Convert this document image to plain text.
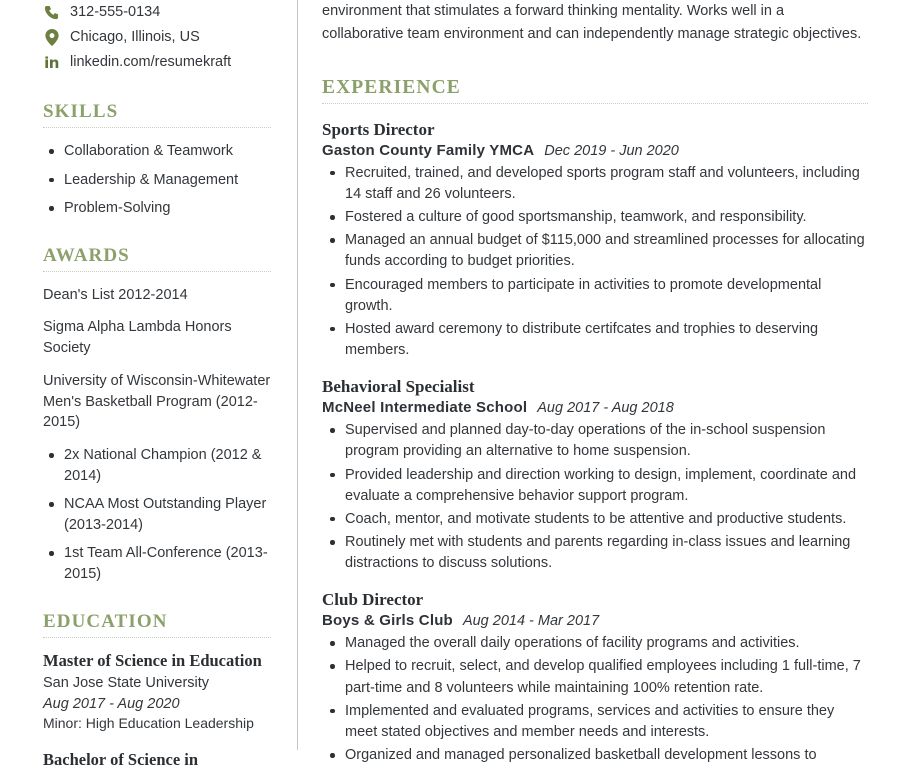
312-555-0134
Chicago, Illinois, US
in linkedin.com/resumekraft
SKILLS
Collaboration & Teamwork
Leadership & Management
Problem-Solving
AWARDS

Dean's List 2012-2014

Sigma Alpha Lambda Honors Society

University of Wisconsin-Whitewater Men's Basketball Program (2012-2015)

2x National Champion (2012 & 2014)
NCAA Most Outstanding Player (2013-2014)
1st Team All-Conference (2013-2015)
EDUCATION
Master of Science in Education
San Jose State University
Aug 2017 - Aug 2020
Minor: High Education Leadership
Bachelor of Science in

environment that stimulates a forward thinking mentality. Works well in a collaborative team environment and can independently manage strategic objectives.

EXPERIENCE
Sports Director
Gaston County Family YMCA Dec 2019 - Jun 2020
Recruited, trained, and developed sports program staff and volunteers, including 14 staff and 26 volunteers.
Fostered a culture of good sportsmanship, teamwork, and responsibility.
Managed an annual budget of $115,000 and streamlined processes for allocating funds according to budget priorities.
Encouraged members to participate in activities to promote developmental growth.
Hosted award ceremony to distribute certifcates and trophies to deserving members.
Behavioral Specialist
McNeel Intermediate School Aug 2017 - Aug 2018
Supervised and planned day-to-day operations of the in-school suspension program providing an alternative to home suspension.
Provided leadership and direction working to design, implement, coordinate and evaluate a comprehensive behavior support program.
Coach, mentor, and motivate students to be attentive and productive students.
Routinely met with students and parents regarding in-class issues and learning distractions to discuss solutions.
Club Director
Boys & Girls Club Aug 2014 - Mar 2017
Managed the overall daily operations of facility programs and activities.
Helped to recruit, select, and develop qualified employees including 1 full-time, 7 part-time and 8 volunteers while maintaining 100% retention rate.
Implemented and evaluated programs, services and activities to ensure they meet stated objectives and member needs and interests.
Organized and managed personalized basketball development lessons to
